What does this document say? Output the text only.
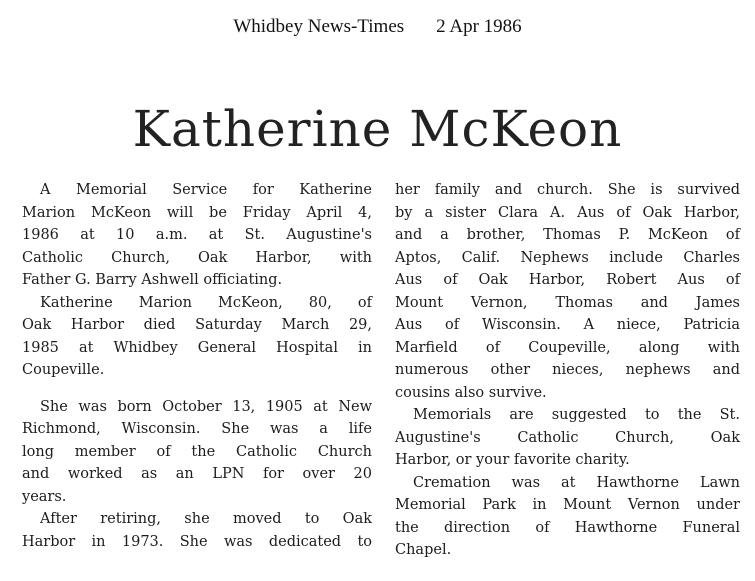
Whidbey News-Times 2 Apr 1986
Katherine McKeon
A Memorial Service for Katherine
Marion McKeon will be Friday April 4,
1986 at 10 a.m. at St. Augustine's
Catholic Church, Oak Harbor, with
Father G. Barry Ashwell officiating.
Katherine Marion McKeon, 80, of
Oak Harbor died Saturday March 29,
1985 at Whidbey General Hospital in
Coupeville.
She was born October 13, 1905 at New
Richmond, Wisconsin. She was a life
long member of the Catholic Church
and worked as an LPN for over 20
years.
After retiring, she moved to Oak
Harbor in 1973. She was dedicated to
her family and church. She is survived
by a sister Clara A. Aus of Oak Harbor,
and a brother, Thomas P. McKeon of
Aptos, Calif. Nephews include Charles
Aus of Oak Harbor, Robert Aus of
Mount Vernon, Thomas and James
Aus of Wisconsin. A niece, Patricia
Marfield of Coupeville, along with
numerous other nieces, nephews and
cousins also survive.
Memorials are suggested to the St.
Augustine's Catholic Church, Oak
Harbor, or your favorite charity.
Cremation was at Hawthorne Lawn
Memorial Park in Mount Vernon under
the direction of Hawthorne Funeral
Chapel.
